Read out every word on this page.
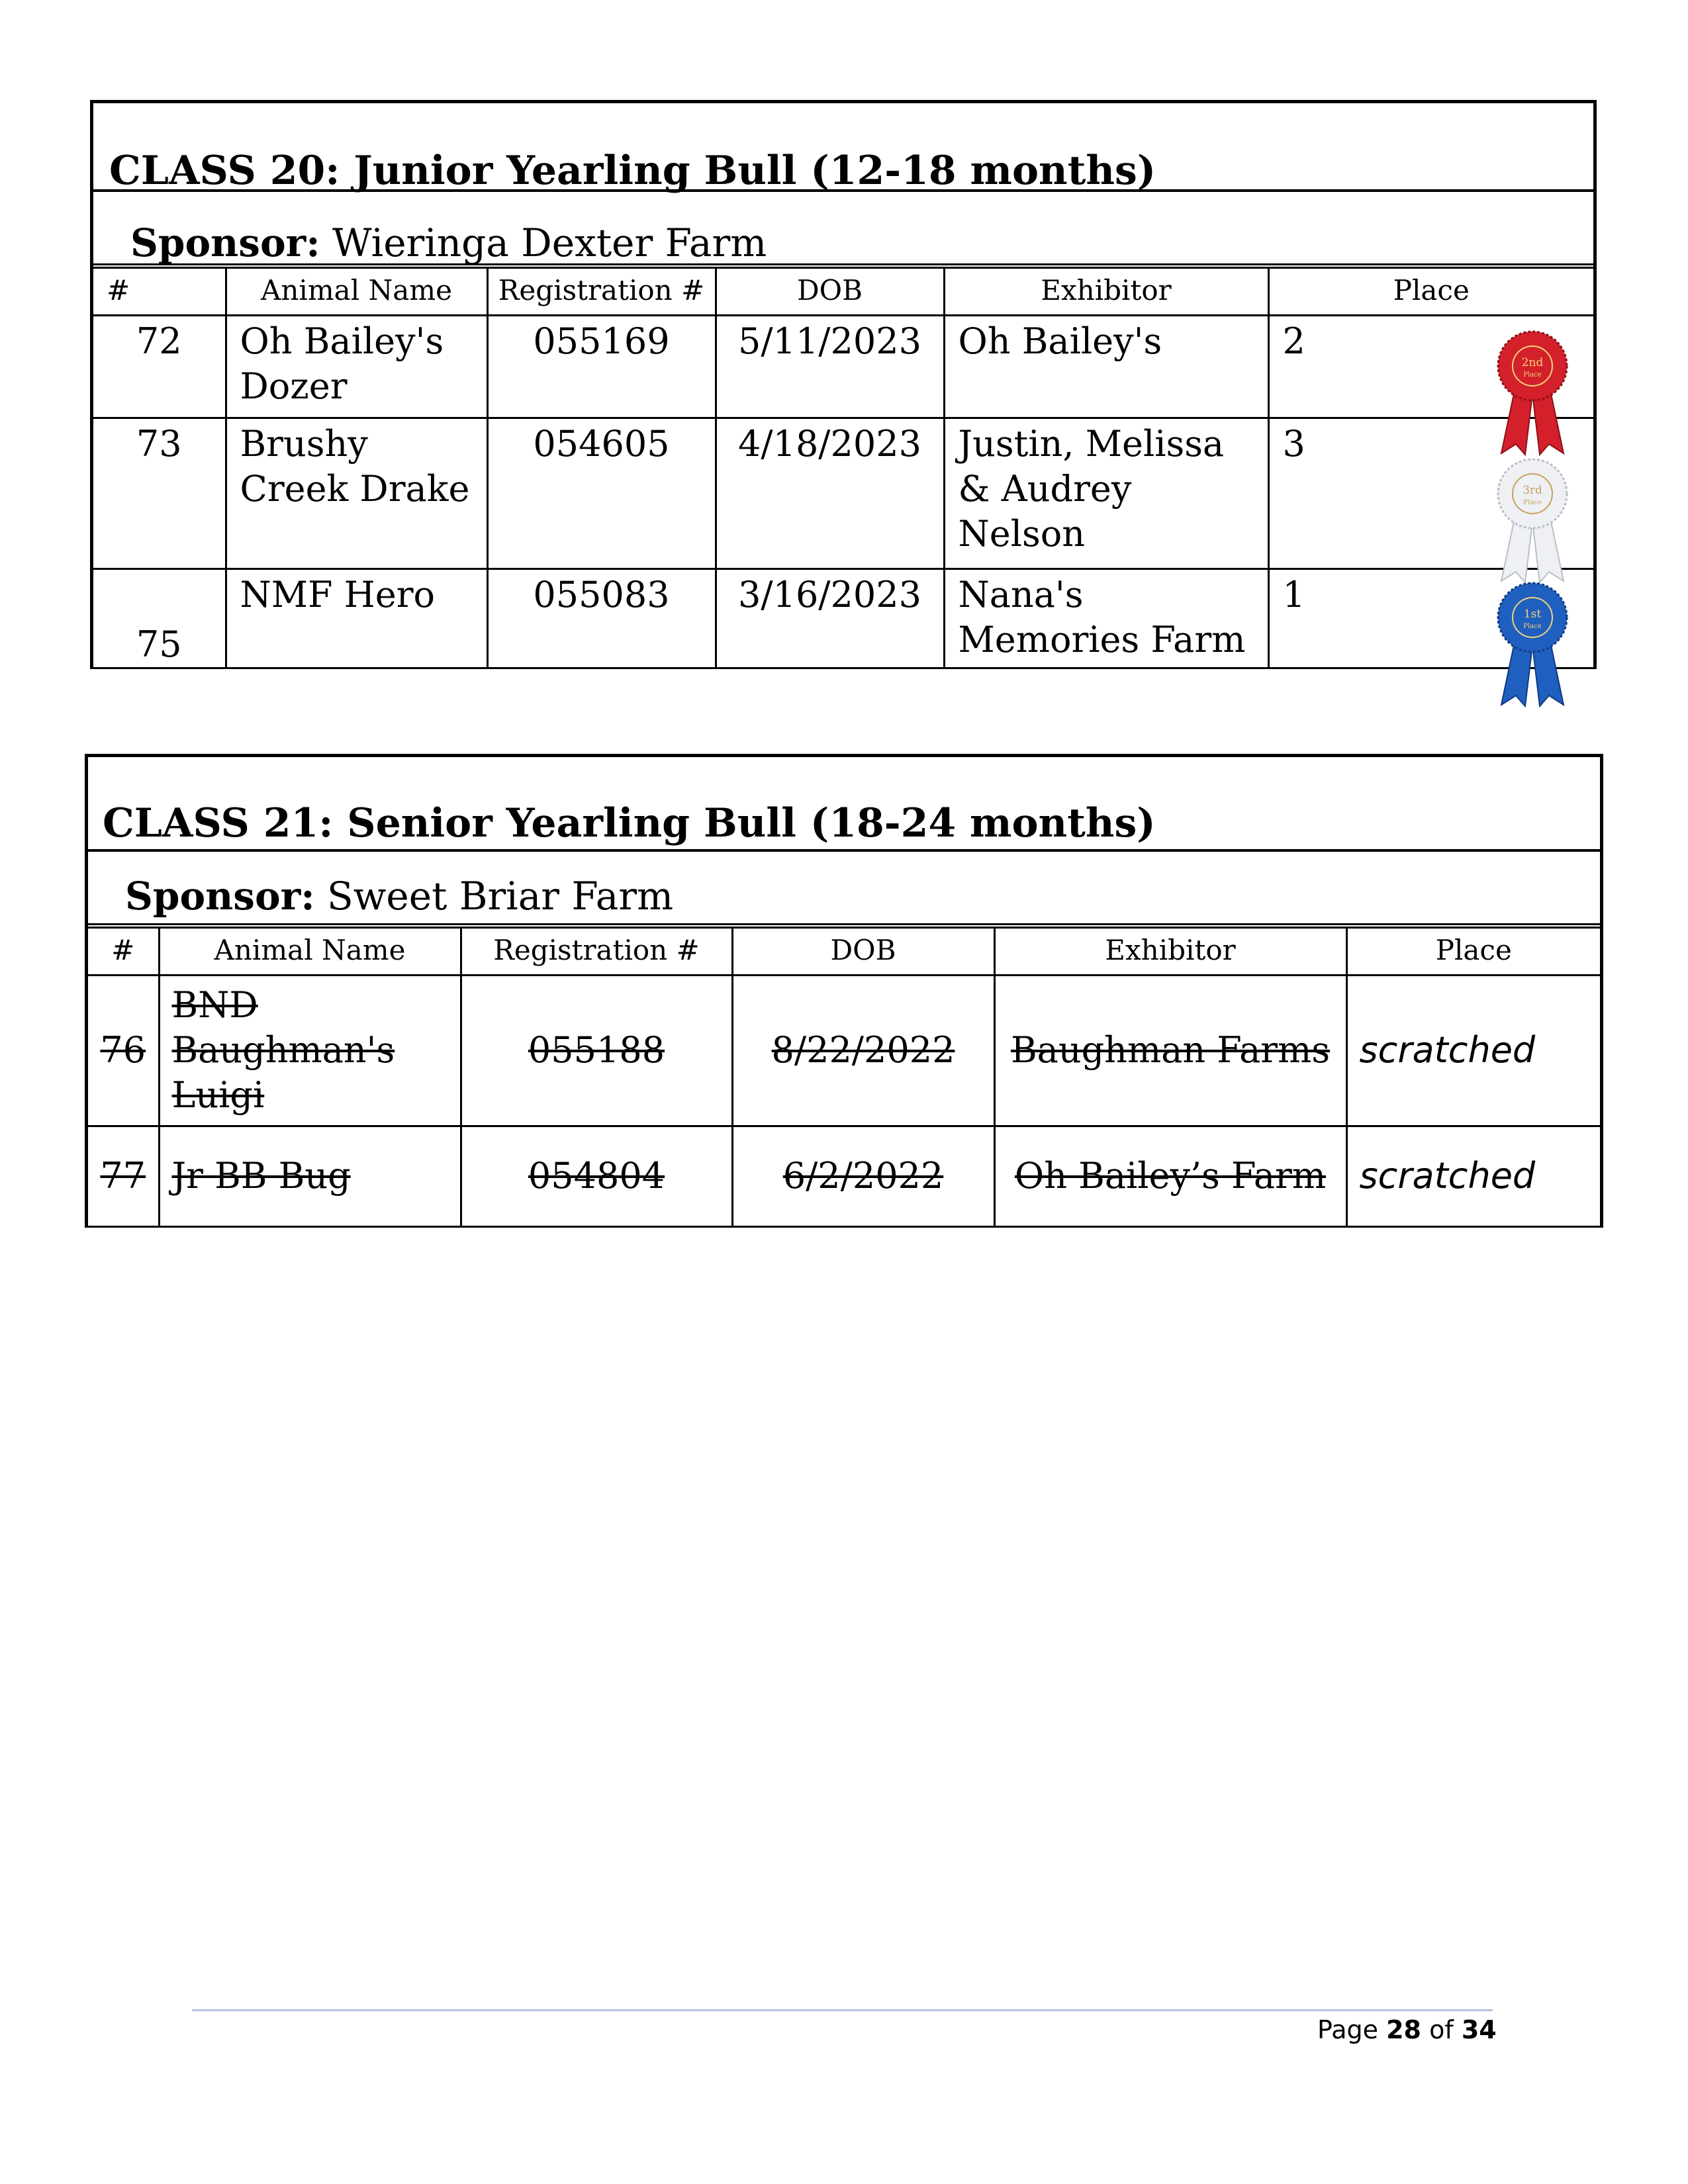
CLASS 20: Junior Yearling Bull (12-18 months)
Sponsor: Wieringa Dexter Farm
#	Animal Name	Registration #	DOB	Exhibitor	Place
72	Oh Bailey's Dozer	055169	5/11/2023	Oh Bailey's	2
73	Brushy Creek Drake	054605	4/18/2023	Justin, Melissa & Audrey Nelson	3
75	NMF Hero	055083	3/16/2023	Nana's Memories Farm	1
2nd
Place
3rd
Place
1st
Place
CLASS 21: Senior Yearling Bull (18-24 months)
Sponsor: Sweet Briar Farm
#	Animal Name	Registration #	DOB	Exhibitor	Place
76	BND Baughman's Luigi	055188	8/22/2022	Baughman Farms	scratched
77	Jr BB Bug	054804	6/2/2022	Oh Bailey’s Farm	scratched
Page 28 of 34
